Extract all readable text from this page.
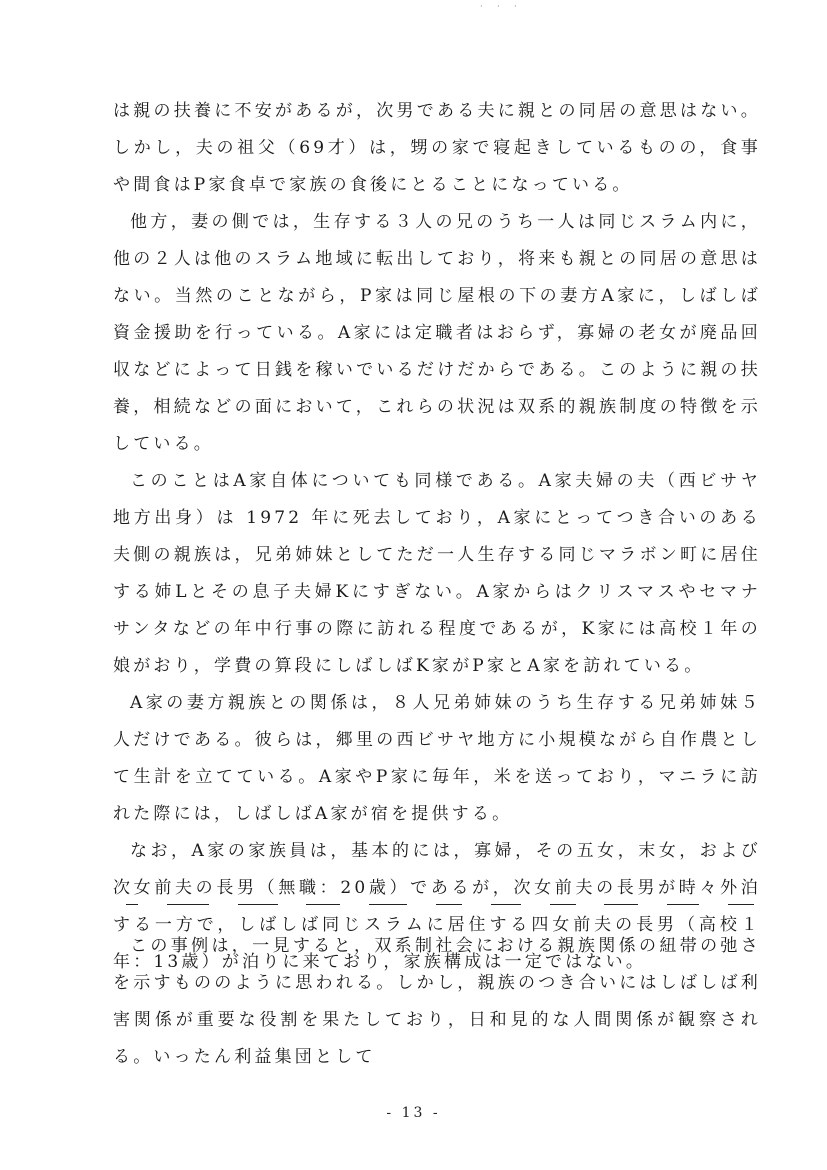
· · ·

は親の扶養に不安があるが，次男である夫に親との同居の意思はない。しかし，夫の祖父（69才）は，甥の家で寝起きしているものの，食事や間食はP家食卓で家族の食後にとることになっている。

他方，妻の側では，生存する３人の兄のうち一人は同じスラム内に，他の２人は他のスラム地域に転出しており，将来も親との同居の意思はない。当然のことながら，P家は同じ屋根の下の妻方A家に，しばしば資金援助を行っている。A家には定職者はおらず，寡婦の老女が廃品回収などによって日銭を稼いでいるだけだからである。このように親の扶養，相続などの面において，これらの状況は双系的親族制度の特徴を示している。

このことはA家自体についても同様である。A家夫婦の夫（西ビサヤ地方出身）は 1972 年に死去しており，A家にとってつき合いのある夫側の親族は，兄弟姉妹としてただ一人生存する同じマラボン町に居住する姉Lとその息子夫婦Kにすぎない。A家からはクリスマスやセマナサンタなどの年中行事の際に訪れる程度であるが，K家には高校１年の娘がおり，学費の算段にしばしばK家がP家とA家を訪れている。

A家の妻方親族との関係は，８人兄弟姉妹のうち生存する兄弟姉妹５人だけである。彼らは，郷里の西ビサヤ地方に小規模ながら自作農として生計を立てている。A家やP家に毎年，米を送っており，マニラに訪れた際には，しばしばA家が宿を提供する。

なお，A家の家族員は，基本的には，寡婦，その五女，末女，および次女前夫の長男（無職：20歳）であるが，次女前夫の長男が時々外泊する一方で，しばしば同じスラムに居住する四女前夫の長男（高校１年：13歳）が泊りに来ており，家族構成は一定ではない。

この事例は，一見すると，双系制社会における親族関係の紐帯の弛さを示すもののように思われる。しかし，親族のつき合いにはしばしば利害関係が重要な役割を果たしており，日和見的な人間関係が観察される。いったん利益集団として

- 13 -
